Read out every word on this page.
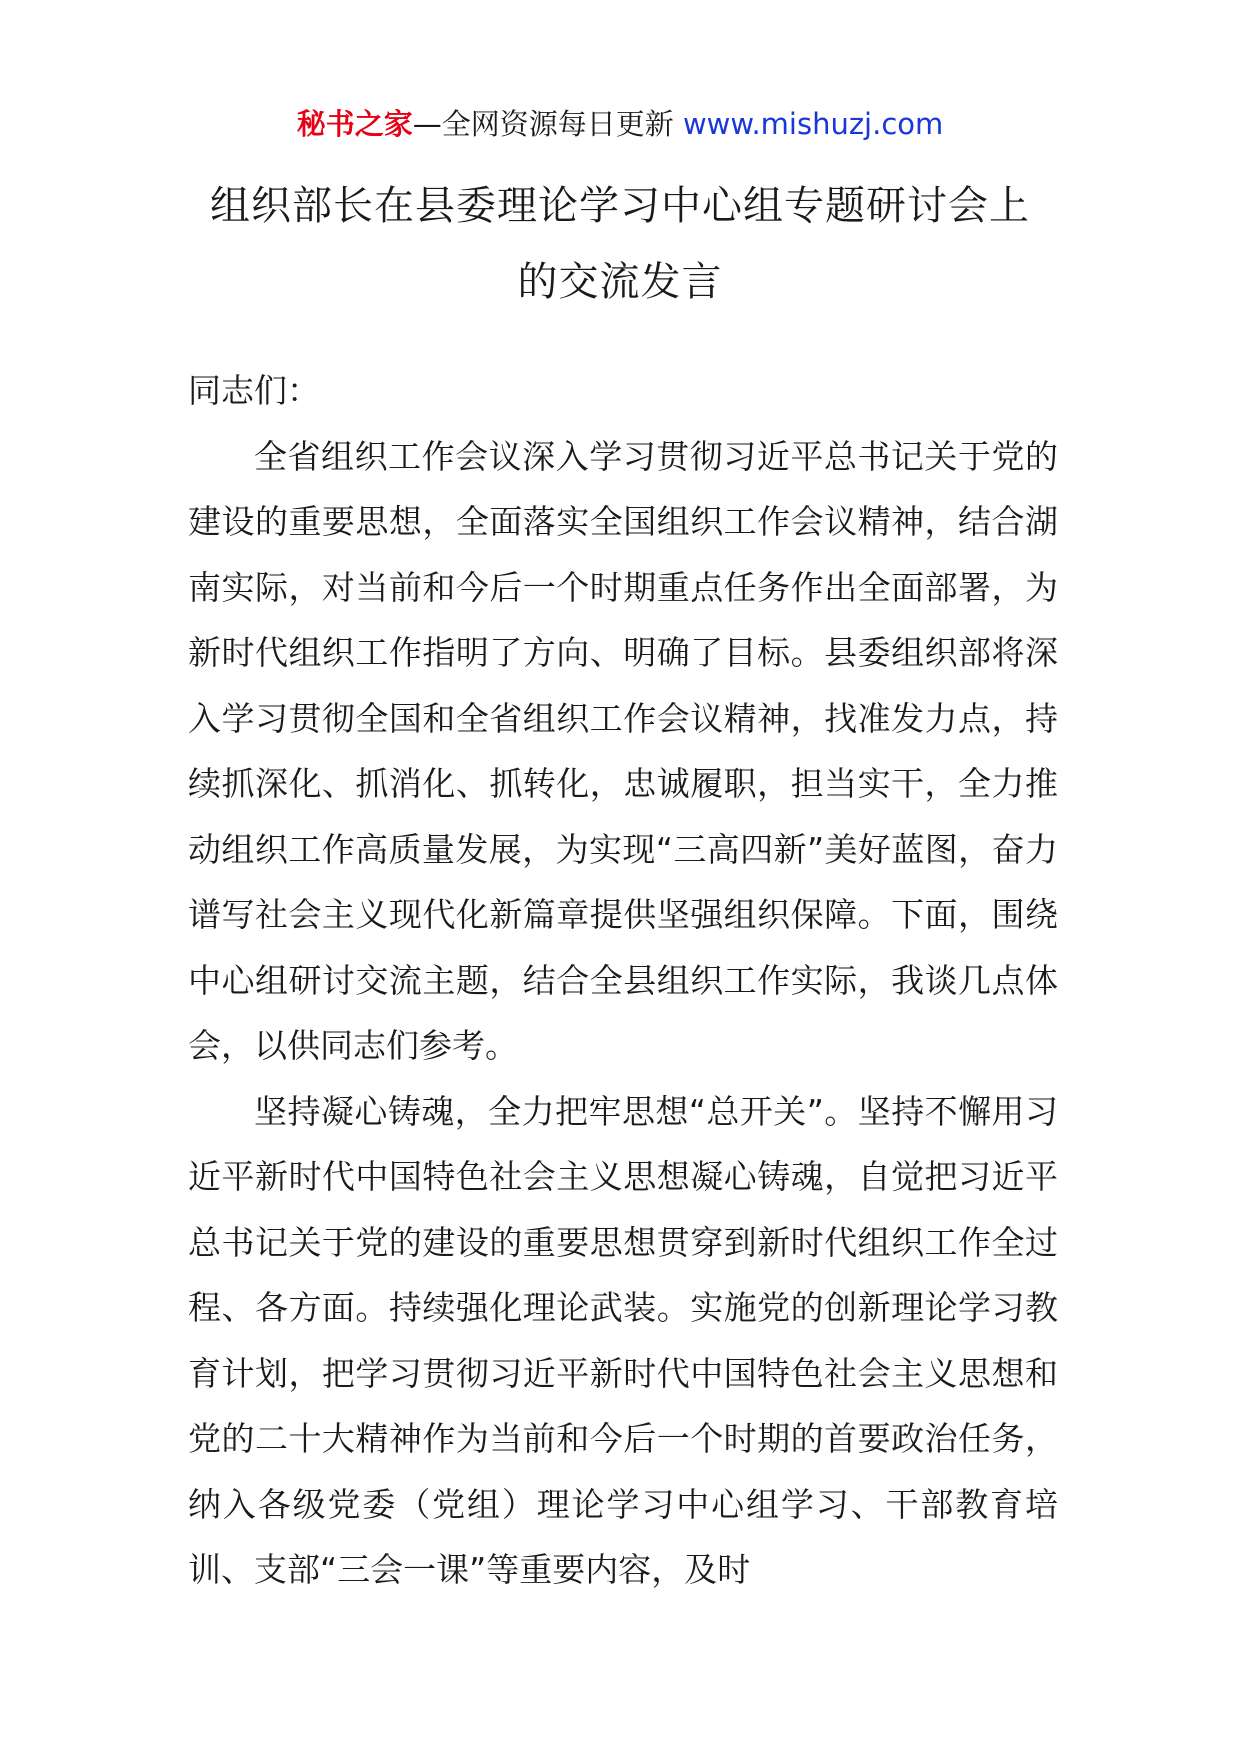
秘书之家—全网资源每日更新 www.mishuzj.com
组织部长在县委理论学习中心组专题研讨会上的交流发言

同志们：

全省组织工作会议深入学习贯彻习近平总书记关于党的建设的重要思想，全面落实全国组织工作会议精神，结合湖南实际，对当前和今后一个时期重点任务作出全面部署，为新时代组织工作指明了方向、明确了目标。县委组织部将深入学习贯彻全国和全省组织工作会议精神，找准发力点，持续抓深化、抓消化、抓转化，忠诚履职，担当实干，全力推动组织工作高质量发展，为实现“三高四新”美好蓝图，奋力谱写社会主义现代化新篇章提供坚强组织保障。下面，围绕中心组研讨交流主题，结合全县组织工作实际，我谈几点体会，以供同志们参考。

坚持凝心铸魂，全力把牢思想“总开关”。坚持不懈用习近平新时代中国特色社会主义思想凝心铸魂，自觉把习近平总书记关于党的建设的重要思想贯穿到新时代组织工作全过程、各方面。持续强化理论武装。实施党的创新理论学习教育计划，把学习贯彻习近平新时代中国特色社会主义思想和党的二十大精神作为当前和今后一个时期的首要政治任务，纳入各级党委（党组）理论学习中心组学习、干部教育培训、支部“三会一课”等重要内容，及时
